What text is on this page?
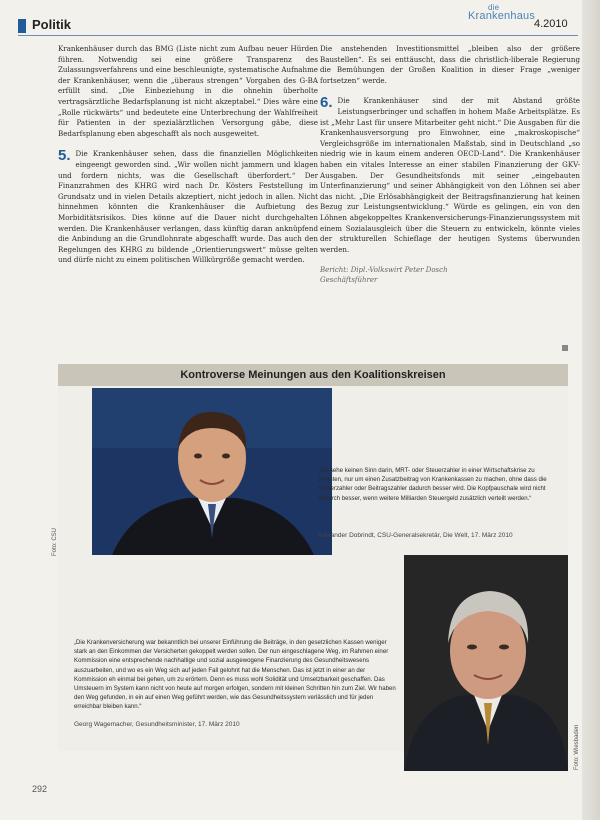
Politik
die
Krankenhaus
4.2010

Krankenhäuser durch das BMG (Liste nicht zum Aufbau neuer Hürden führen. Notwendig sei eine größere Transparenz des Zulassungsverfahrens und eine beschleunigte, systematische Aufnahme der Krankenhäuser, wenn die „überaus strengen“ Vorgaben des G-BA erfüllt sind. „Die Einbeziehung in die ohnehin überholte vertragsärztliche Bedarfsplanung ist nicht akzeptabel.“ Dies wäre eine „Rolle rückwärts“ und bedeutete eine Unterbrechung der Wahlfreiheit für Patienten in der spezialärztlichen Versorgung gäbe, diese Bedarfsplanung eben abgeschafft als noch ausgeweitet.

5. Die Krankenhäuser sehen, dass die finanziellen Möglichkeiten eingeengt geworden sind. „Wir wollen nicht jammern und klagen und fordern nichts, was die Gesellschaft überfordert.“ Der Finanzrahmen des KHRG wird nach Dr. Kösters Feststellung im Grundsatz und in vielen Details akzeptiert, nicht jedoch in allen. Nicht hinnehmen könnten die Krankenhäuser die Aufbietung des Morbiditätsrisikos. Dies könne auf die Dauer nicht durchgehalten werden. Die Krankenhäuser verlangen, dass künftig daran anknüpfend die Anbindung an die Grundlohnrate abgeschafft wurde. Das auch den Regelungen des KHRG zu bildende „Orientierungswert“ müsse gelten und dürfe nicht zu einem politischen Willkürgröße gemacht werden.

Die anstehenden Investitionsmittel „bleiben also der größere Baustellen“. Es sei enttäuscht, dass die christlich-liberale Regierung die Bemühungen der Großen Koalition in dieser Frage „weniger fortsetzen“ werde.

6. Die Krankenhäuser sind der mit Abstand größte Leistungserbringer und schaffen in hohem Maße Arbeitsplätze. Es ist „Mehr Last für unsere Mitarbeiter geht nicht.“ Die Ausgaben für die Krankenhausversorgung pro Einwohner, eine „makroskopische“ Vergleichsgröße im internationalen Maßstab, sind in Deutschland „so niedrig wie in kaum einem anderen OECD-Land“. Die Krankenhäuser haben ein vitales Interesse an einer stabilen Finanzierung der GKV-Ausgaben. Der Gesundheitsfonds mit seiner „eingebauten Unterfinanzierung“ und seiner Abhängigkeit von den Löhnen sei aber das nicht. „Die Erlösabhängigkeit der Beitragsfinanzierung hat keinen Bezug zur Leistungsentwicklung.“ Würde es gelingen, ein von den Löhnen abgekoppeltes Krankenversicherungs-Finanzierungssystem mit einem Sozialausgleich über die Steuern zu entwickeln, könnte vieles der strukturellen Schieflage der heutigen Systems überwunden werden.

Bericht: Dipl.-Volkswirt Peter Dosch
Geschäftsführer
Kontroverse Meinungen aus den Koalitionskreisen
Foto: CSU
„Ich sehe keinen Sinn darin, MRT- oder Steuerzahler in einer Wirtschaftskrise zu belasten, nur um einen Zusatzbeitrag von Krankenkassen zu machen, ohne dass die Steuerzahler oder Beitragszahler dadurch besser wird. Die Kopfpauschale wird nicht dadurch besser, wenn weitere Milliarden Steuergeld zusätzlich verteilt werden.“
Alexander Dobrindt, CSU-Generalsekretär, Die Welt, 17. März 2010
Foto: Wiesbaden
„Die Krankenversicherung war bekanntlich bei unserer Einführung die Beiträge, in den gesetzlichen Kassen weniger stark an den Einkommen der Versicherten gekoppelt werden sollen. Der nun eingeschlagene Weg, im Rahmen einer Kommission eine entsprechende nachhaltige und sozial ausgewogene Finanzierung des Gesundheitswesens auszuarbeiten, und wo es ein Weg sich auf jeden Fall gelohnt hat die Menschen. Das ist jetzt in einer an der Kommission eh einmal bei gehen, um zu erörtern. Denn es muss wohl Solidität und Umsetzbarkeit geschaffen. Das Umsteuern im System kann nicht von heute auf morgen erfolgen, sondern mit kleinen Schritten hin zum Ziel. Wir haben den Weg gefunden, in ein auf einen Weg geführt werden, wie das Gesundheitssystem verlässlich und für jeden erreichbar bleiben kann.“
Georg Wagemacher, Gesundheitsminister, 17. März 2010
292
